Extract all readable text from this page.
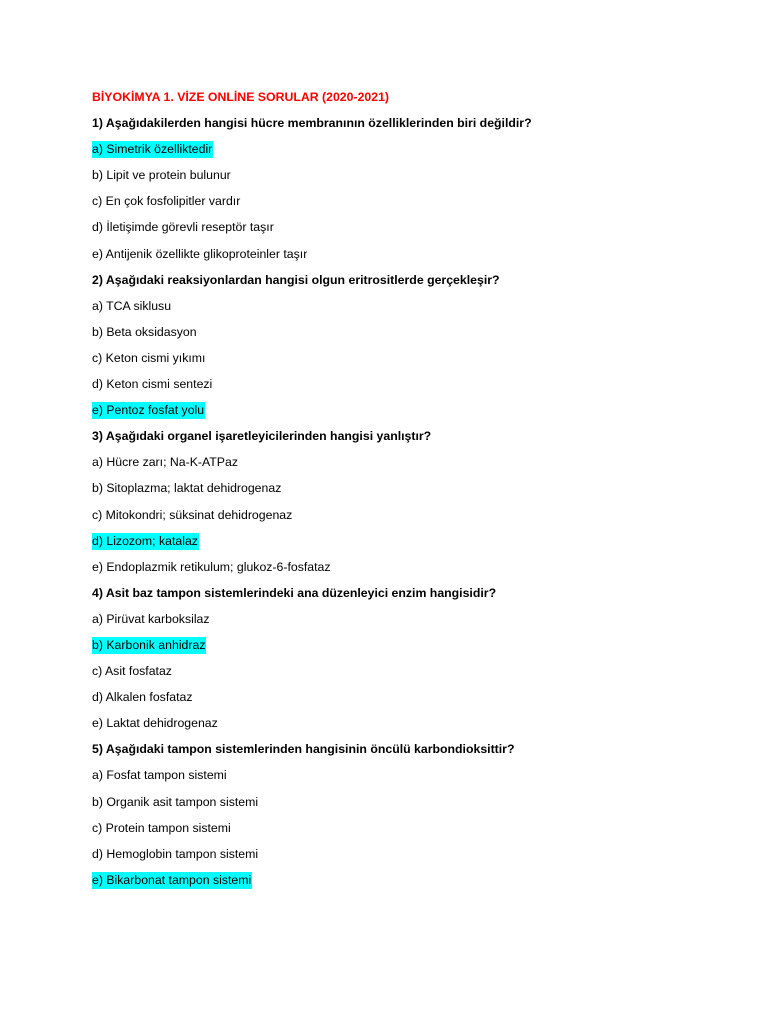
BİYOKİMYA 1. VİZE ONLİNE SORULAR (2020-2021)
1) Aşağıdakilerden hangisi hücre membranının özelliklerinden biri değildir?
a) Simetrik özelliktedir
b) Lipit ve protein bulunur
c) En çok fosfolipitler vardır
d) İletişimde görevli reseptör taşır
e) Antijenik özellikte glikoproteinler taşır
2) Aşağıdaki reaksiyonlardan hangisi olgun eritrositlerde gerçekleşir?
a) TCA siklusu
b) Beta oksidasyon
c) Keton cismi yıkımı
d) Keton cismi sentezi
e) Pentoz fosfat yolu
3) Aşağıdaki organel işaretleyicilerinden hangisi yanlıştır?
a) Hücre zarı; Na-K-ATPaz
b) Sitoplazma; laktat dehidrogenaz
c) Mitokondri; süksinat dehidrogenaz
d) Lizozom; katalaz
e) Endoplazmik retikulum; glukoz-6-fosfataz
4) Asit baz tampon sistemlerindeki ana düzenleyici enzim hangisidir?
a) Pirüvat karboksilaz
b) Karbonik anhidraz
c) Asit fosfataz
d) Alkalen fosfataz
e) Laktat dehidrogenaz
5) Aşağıdaki tampon sistemlerinden hangisinin öncülü karbondioksittir?
a) Fosfat tampon sistemi
b) Organik asit tampon sistemi
c) Protein tampon sistemi
d) Hemoglobin tampon sistemi
e) Bikarbonat tampon sistemi
